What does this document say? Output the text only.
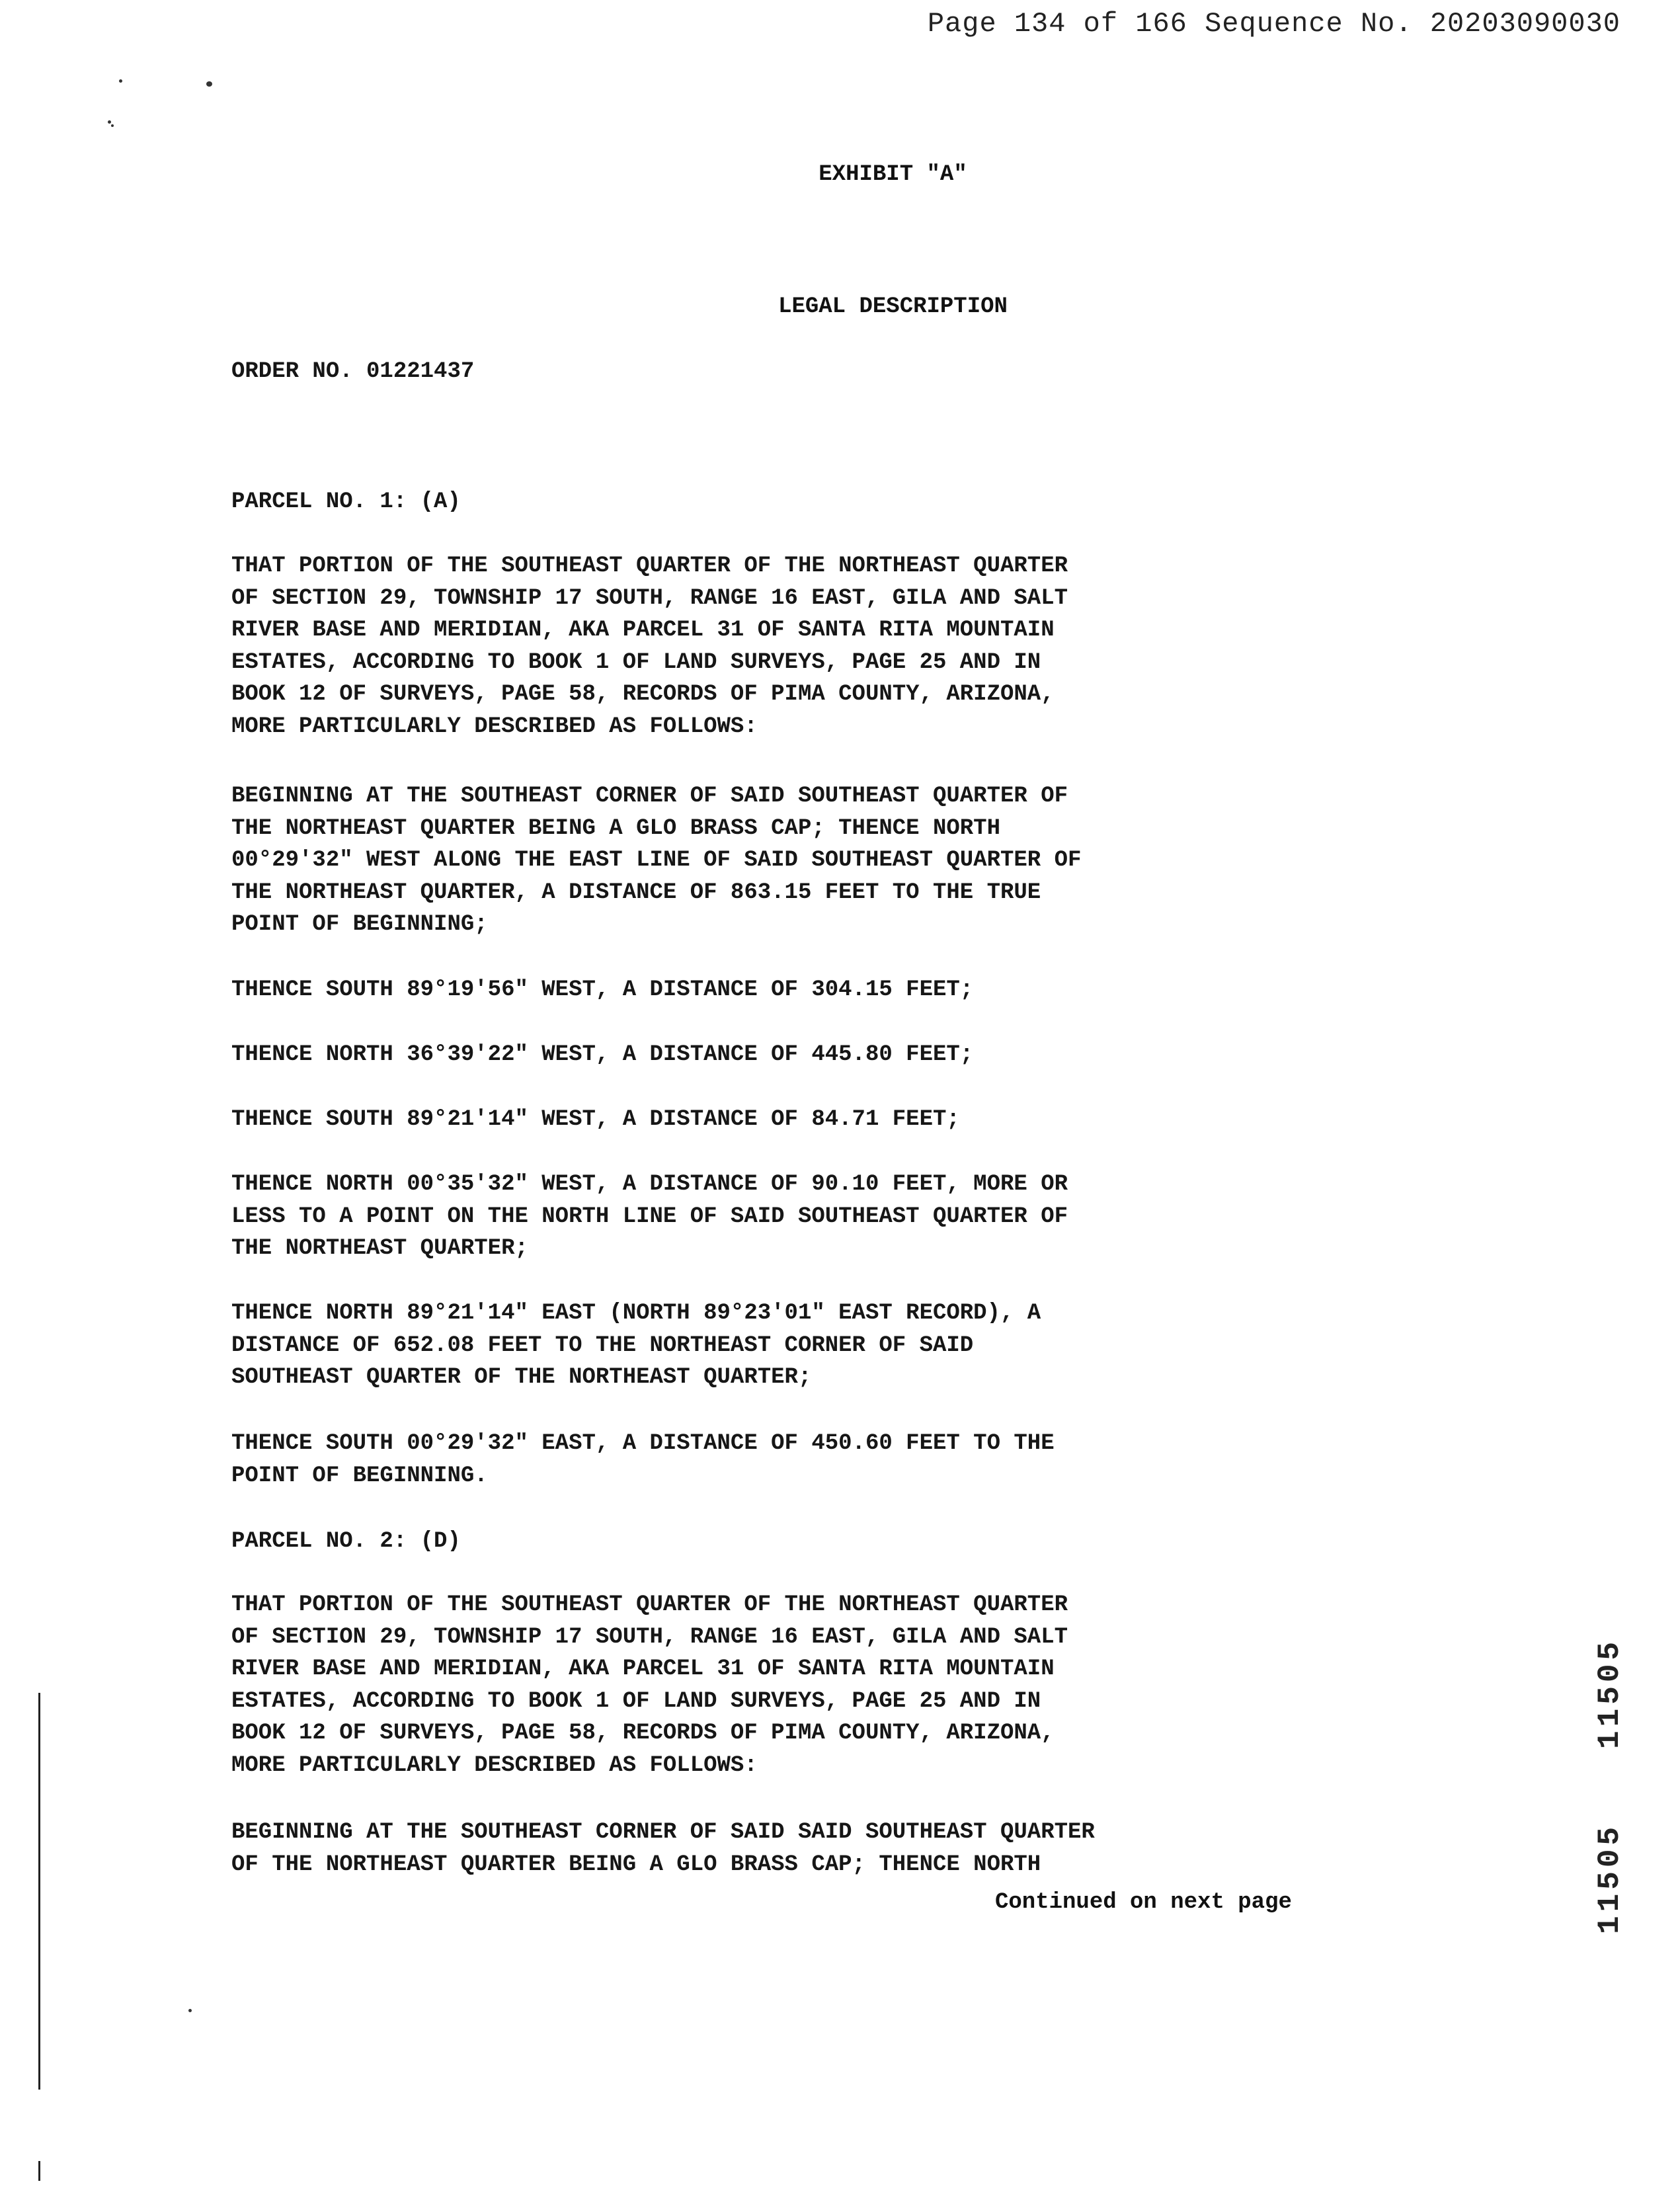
Page 134 of 166 Sequence No. 20203090030
EXHIBIT "A"
LEGAL DESCRIPTION
ORDER NO. 01221437
PARCEL NO. 1: (A)
THAT PORTION OF THE SOUTHEAST QUARTER OF THE NORTHEAST QUARTER
OF SECTION 29, TOWNSHIP 17 SOUTH, RANGE 16 EAST, GILA AND SALT
RIVER BASE AND MERIDIAN, AKA PARCEL 31 OF SANTA RITA MOUNTAIN
ESTATES, ACCORDING TO BOOK 1 OF LAND SURVEYS, PAGE 25 AND IN
BOOK 12 OF SURVEYS, PAGE 58, RECORDS OF PIMA COUNTY, ARIZONA,
MORE PARTICULARLY DESCRIBED AS FOLLOWS:
BEGINNING AT THE SOUTHEAST CORNER OF SAID SOUTHEAST QUARTER OF
THE NORTHEAST QUARTER BEING A GLO BRASS CAP; THENCE NORTH
00°29'32" WEST ALONG THE EAST LINE OF SAID SOUTHEAST QUARTER OF
THE NORTHEAST QUARTER, A DISTANCE OF 863.15 FEET TO THE TRUE
POINT OF BEGINNING;
THENCE SOUTH 89°19'56" WEST, A DISTANCE OF 304.15 FEET;
THENCE NORTH 36°39'22" WEST, A DISTANCE OF 445.80 FEET;
THENCE SOUTH 89°21'14" WEST, A DISTANCE OF 84.71 FEET;
THENCE NORTH 00°35'32" WEST, A DISTANCE OF 90.10 FEET, MORE OR
LESS TO A POINT ON THE NORTH LINE OF SAID SOUTHEAST QUARTER OF
THE NORTHEAST QUARTER;
THENCE NORTH 89°21'14" EAST (NORTH 89°23'01" EAST RECORD), A
DISTANCE OF 652.08 FEET TO THE NORTHEAST CORNER OF SAID
SOUTHEAST QUARTER OF THE NORTHEAST QUARTER;
THENCE SOUTH 00°29'32" EAST, A DISTANCE OF 450.60 FEET TO THE
POINT OF BEGINNING.
PARCEL NO. 2: (D)
THAT PORTION OF THE SOUTHEAST QUARTER OF THE NORTHEAST QUARTER
OF SECTION 29, TOWNSHIP 17 SOUTH, RANGE 16 EAST, GILA AND SALT
RIVER BASE AND MERIDIAN, AKA PARCEL 31 OF SANTA RITA MOUNTAIN
ESTATES, ACCORDING TO BOOK 1 OF LAND SURVEYS, PAGE 25 AND IN
BOOK 12 OF SURVEYS, PAGE 58, RECORDS OF PIMA COUNTY, ARIZONA,
MORE PARTICULARLY DESCRIBED AS FOLLOWS:
BEGINNING AT THE SOUTHEAST CORNER OF SAID SAID SOUTHEAST QUARTER
OF THE NORTHEAST QUARTER BEING A GLO BRASS CAP; THENCE NORTH
Continued on next page	11505
11505
